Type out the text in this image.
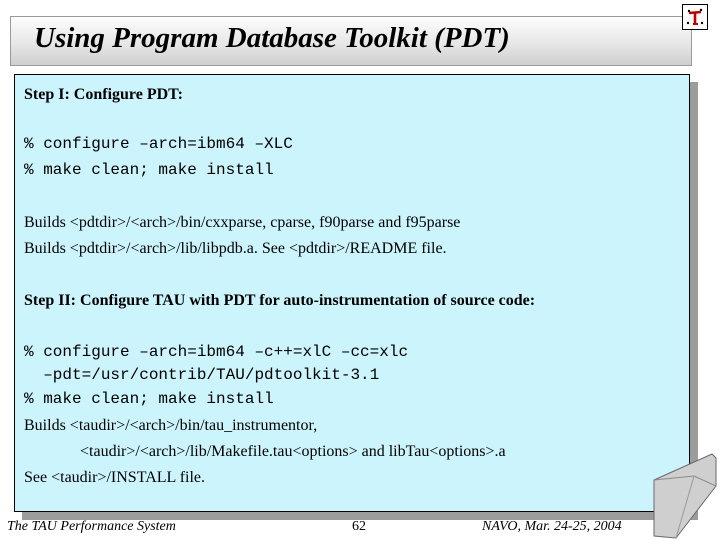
Using Program Database Toolkit (PDT)
Step I: Configure PDT:
% configure –arch=ibm64 –XLC
% make clean; make install
Builds <pdtdir>/<arch>/bin/cxxparse, cparse, f90parse and f95parse
Builds <pdtdir>/<arch>/lib/libpdb.a. See <pdtdir>/README file.
Step II: Configure TAU with PDT for auto-instrumentation of source code:
% configure –arch=ibm64 –c++=xlC –cc=xlc
–pdt=/usr/contrib/TAU/pdtoolkit-3.1
% make clean; make install
Builds <taudir>/<arch>/bin/tau_instrumentor,
<taudir>/<arch>/lib/Makefile.tau<options> and libTau<options>.a
See <taudir>/INSTALL file.
The TAU Performance System	62	NAVO, Mar. 24-25, 2004
